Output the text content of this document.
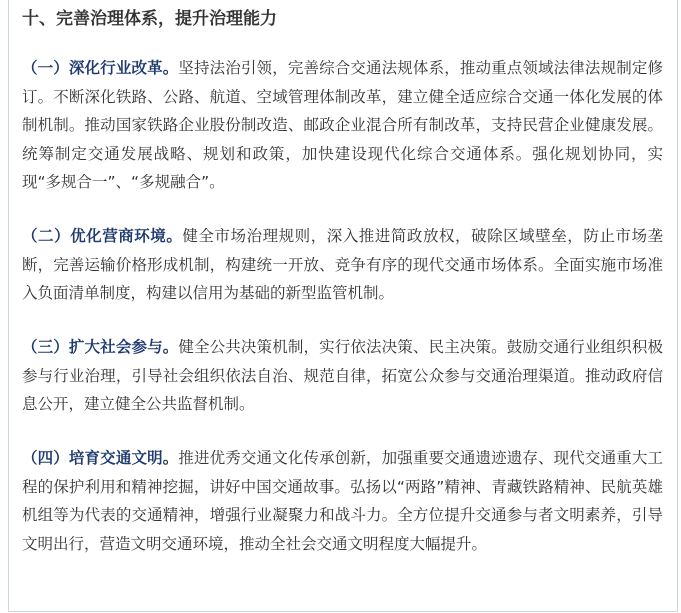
十、完善治理体系，提升治理能力

（一）深化行业改革。坚持法治引领，完善综合交通法规体系，推动重点领域法律法规制定修订。不断深化铁路、公路、航道、空域管理体制改革，建立健全适应综合交通一体化发展的体制机制。推动国家铁路企业股份制改造、邮政企业混合所有制改革，支持民营企业健康发展。统筹制定交通发展战略、规划和政策，加快建设现代化综合交通体系。强化规划协同，实现“多规合一”、“多规融合”。

（二）优化营商环境。健全市场治理规则，深入推进简政放权，破除区域壁垒，防止市场垄断，完善运输价格形成机制，构建统一开放、竞争有序的现代交通市场体系。全面实施市场准入负面清单制度，构建以信用为基础的新型监管机制。

（三）扩大社会参与。健全公共决策机制，实行依法决策、民主决策。鼓励交通行业组织积极参与行业治理，引导社会组织依法自治、规范自律，拓宽公众参与交通治理渠道。推动政府信息公开，建立健全公共监督机制。

（四）培育交通文明。推进优秀交通文化传承创新，加强重要交通遗迹遗存、现代交通重大工程的保护利用和精神挖掘，讲好中国交通故事。弘扬以“两路”精神、青藏铁路精神、民航英雄机组等为代表的交通精神，增强行业凝聚力和战斗力。全方位提升交通参与者文明素养，引导文明出行，营造文明交通环境，推动全社会交通文明程度大幅提升。
